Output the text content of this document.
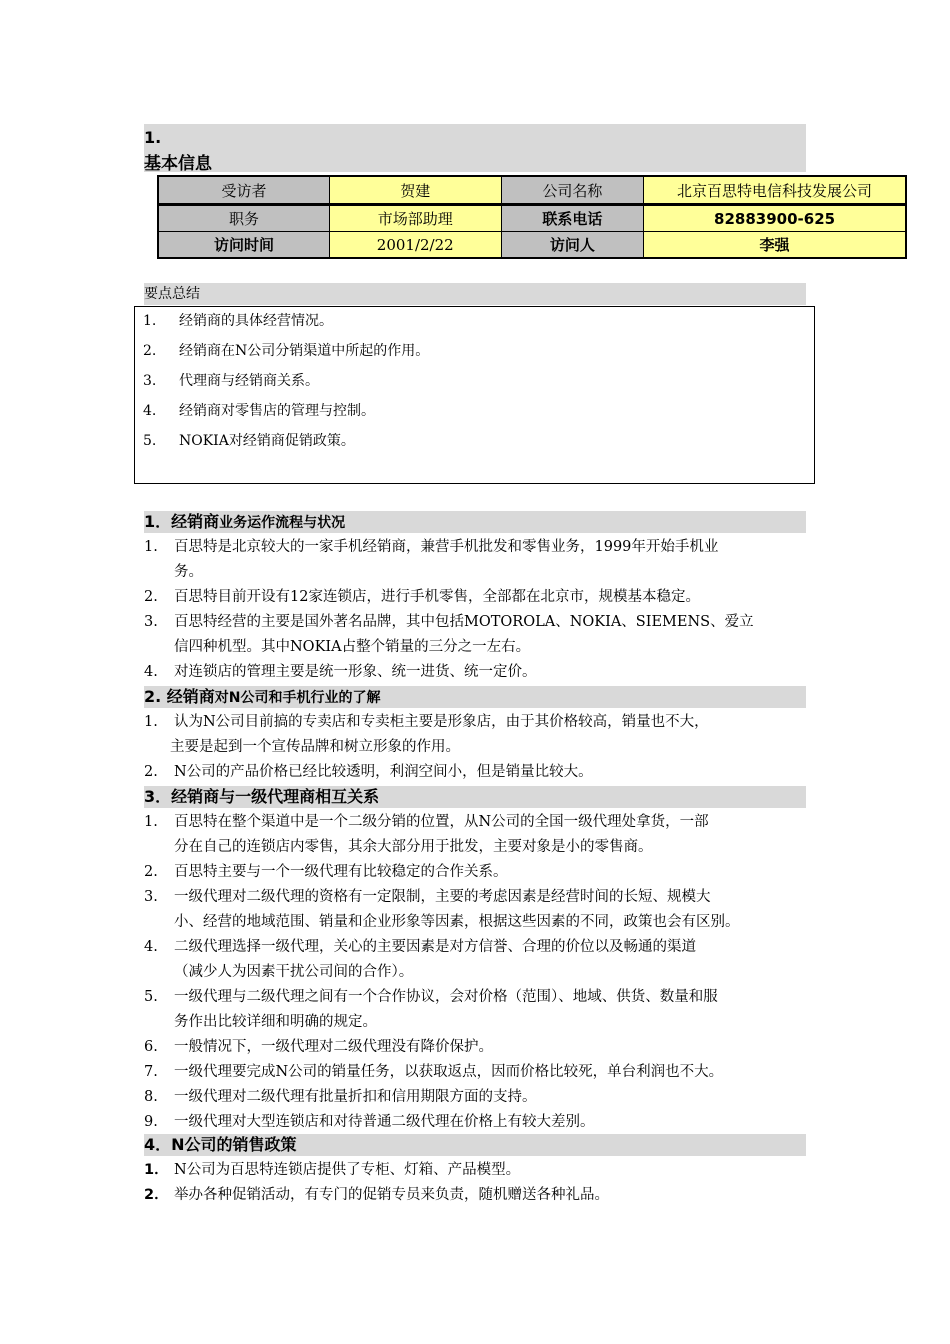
1.
基本信息
受访者	贺建	公司名称	北京百思特电信科技发展公司
职务	市场部助理	联系电话	82883900-625
访问时间	2001/2/22	访问人	李强
要点总结
1. 经销商的具体经营情况。
2. 经销商在N公司分销渠道中所起的作用。
3. 代理商与经销商关系。
4. 经销商对零售店的管理与控制。
5. NOKIA对经销商促销政策。
1．经销商业务运作流程与状况
1.	百思特是北京较大的一家手机经销商，兼营手机批发和零售业务，1999年开始手机业
务。
2.	百思特目前开设有12家连锁店，进行手机零售，全部都在北京市，规模基本稳定。
3.	百思特经营的主要是国外著名品牌，其中包括MOTOROLA、NOKIA、SIEMENS、爱立
信四种机型。其中NOKIA占整个销量的三分之一左右。
4.	对连锁店的管理主要是统一形象、统一进货、统一定价。
2. 经销商对N公司和手机行业的了解
1.	认为N公司目前搞的专卖店和专卖柜主要是形象店，由于其价格较高，销量也不大，
主要是起到一个宣传品牌和树立形象的作用。
2.	N公司的产品价格已经比较透明，利润空间小，但是销量比较大。
3．经销商与一级代理商相互关系
1.	百思特在整个渠道中是一个二级分销的位置，从N公司的全国一级代理处拿货，一部
分在自己的连锁店内零售，其余大部分用于批发，主要对象是小的零售商。
2.	百思特主要与一个一级代理有比较稳定的合作关系。
3.	一级代理对二级代理的资格有一定限制，主要的考虑因素是经营时间的长短、规模大
小、经营的地域范围、销量和企业形象等因素，根据这些因素的不同，政策也会有区别。
4.	二级代理选择一级代理，关心的主要因素是对方信誉、合理的价位以及畅通的渠道
（减少人为因素干扰公司间的合作）。
5.	一级代理与二级代理之间有一个合作协议，会对价格（范围）、地域、供货、数量和服
务作出比较详细和明确的规定。
6.	一般情况下，一级代理对二级代理没有降价保护。
7.	一级代理要完成N公司的销量任务，以获取返点，因而价格比较死，单台利润也不大。
8.	一级代理对二级代理有批量折扣和信用期限方面的支持。
9.	一级代理对大型连锁店和对待普通二级代理在价格上有较大差别。
4．N公司的销售政策
1． N公司为百思特连锁店提供了专柜、灯箱、产品模型。
2． 举办各种促销活动，有专门的促销专员来负责，随机赠送各种礼品。
